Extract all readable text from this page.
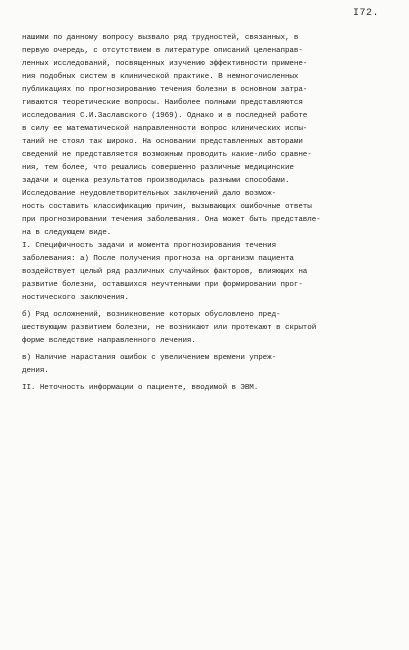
I72.
нашими по данному вопросу вызвало ряд трудностей, связанных, в
первую очередь, с отсутствием в литературе описаний целенаправ-
ленных исследований, посвященных изучению эффективности примене-
ния подобных систем в клинической практике. В немногочисленных
публикациях по прогнозированию течения болезни в основном затра-
гиваются теоретические вопросы. Наиболее полными представляются
исследования С.И.Заславского (1969). Однако и в последней работе
в силу ее математической направленности вопрос клинических испы-
таний не стоял так широко. На основании представленных авторами
сведений не представляется возможным проводить какие-либо сравне-
ния, тем более, что решались совершенно различные медицинские
задачи и оценка результатов производилась разными способами.
Исследование неудовлетворительных заключений дало возмож-
ность составить классификацию причин, вызывающих ошибочные ответы
при прогнозировании течения заболевания. Она может быть представле-
на в следующем виде.
I. Специфичность задачи и момента прогнозирования течения
заболевания: а) После получения прогноза на организм пациента
воздействует целый ряд различных случайных факторов, влияющих на
развитие болезни, оставшихся неучтенными при формировании прог-
ностического заключения.
б) Ряд осложнений, возникновение которых обусловлено пред-
шествующим развитием болезни, не возникают или протекают в скрытой
форме вследствие направленного лечения.
в) Наличие нарастания ошибок с увеличением времени упреж-
дения.
II. Неточность информации о пациенте, вводимой в ЭВМ.
